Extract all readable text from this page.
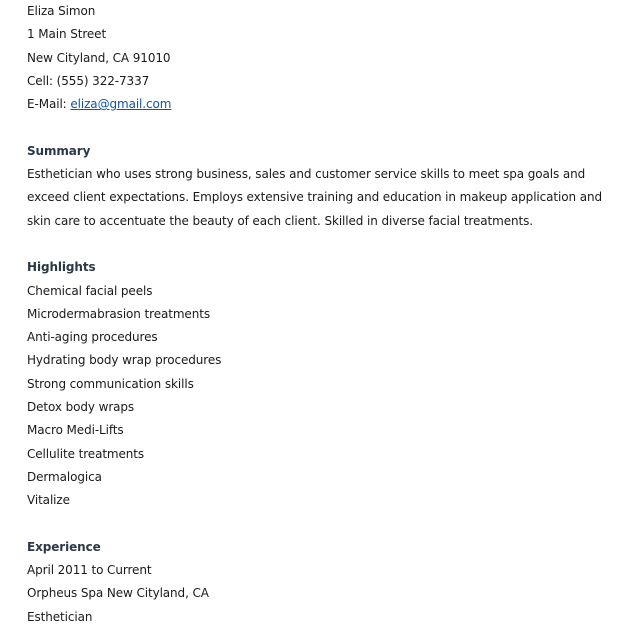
Eliza Simon
1 Main Street
New Cityland, CA 91010
Cell: (555) 322-7337
E-Mail: eliza@gmail.com
Summary
Esthetician who uses strong business, sales and customer service skills to meet spa goals and exceed client expectations. Employs extensive training and education in makeup application and skin care to accentuate the beauty of each client. Skilled in diverse facial treatments.
Highlights
Chemical facial peels
Microdermabrasion treatments
Anti-aging procedures
Hydrating body wrap procedures
Strong communication skills
Detox body wraps
Macro Medi-Lifts
Cellulite treatments
Dermalogica
Vitalize
Experience
April 2011 to Current
Orpheus Spa New Cityland, CA
Esthetician
